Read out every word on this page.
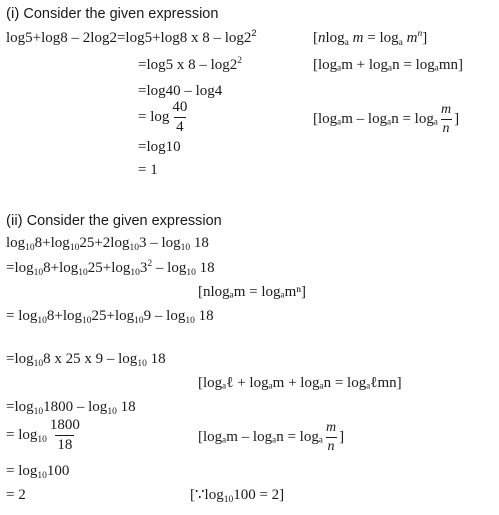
(i) Consider the given expression
log5+log8 – 2log2=log5+log8 x $8 - \log 2^2$	[nlog$_a$ $m = \log_a m^n$]
=log5 x $8 - \log 2^2$	[logₐm + logₐn = logₐmn]
=log40 – log4
= $\log \frac{40}{4}$	[logₐm – logₐn = logₐ $\frac{m}{n}$ ]
=log10
= 1
(ii) Consider the given expression
$\log_{10}8+\log_{10}25+2\log_{10}3 - \log_{10} 18$
$=\log_{10}8+\log_{10}25+\log_{10}3^2 - \log_{10} 18$
[nlogₐm = logₐmⁿ]
= $\log_{10}8+\log_{10}25+\log_{10}9 - \log_{10} 18$
$=\log_{10}8$ x 25 x $9 - \log_{10} 18$
[logₐℓ + logₐm + logₐn = logₐℓmn]
$=\log_{10}1800 - \log_{10} 18$
= $\log_{10} \frac{1800}{18}$	[logₐm – logₐn = logₐ $\frac{m}{n}$ ]
= $\log_{10}100$
= 2	$[\because\log_{10}100 = 2]$
